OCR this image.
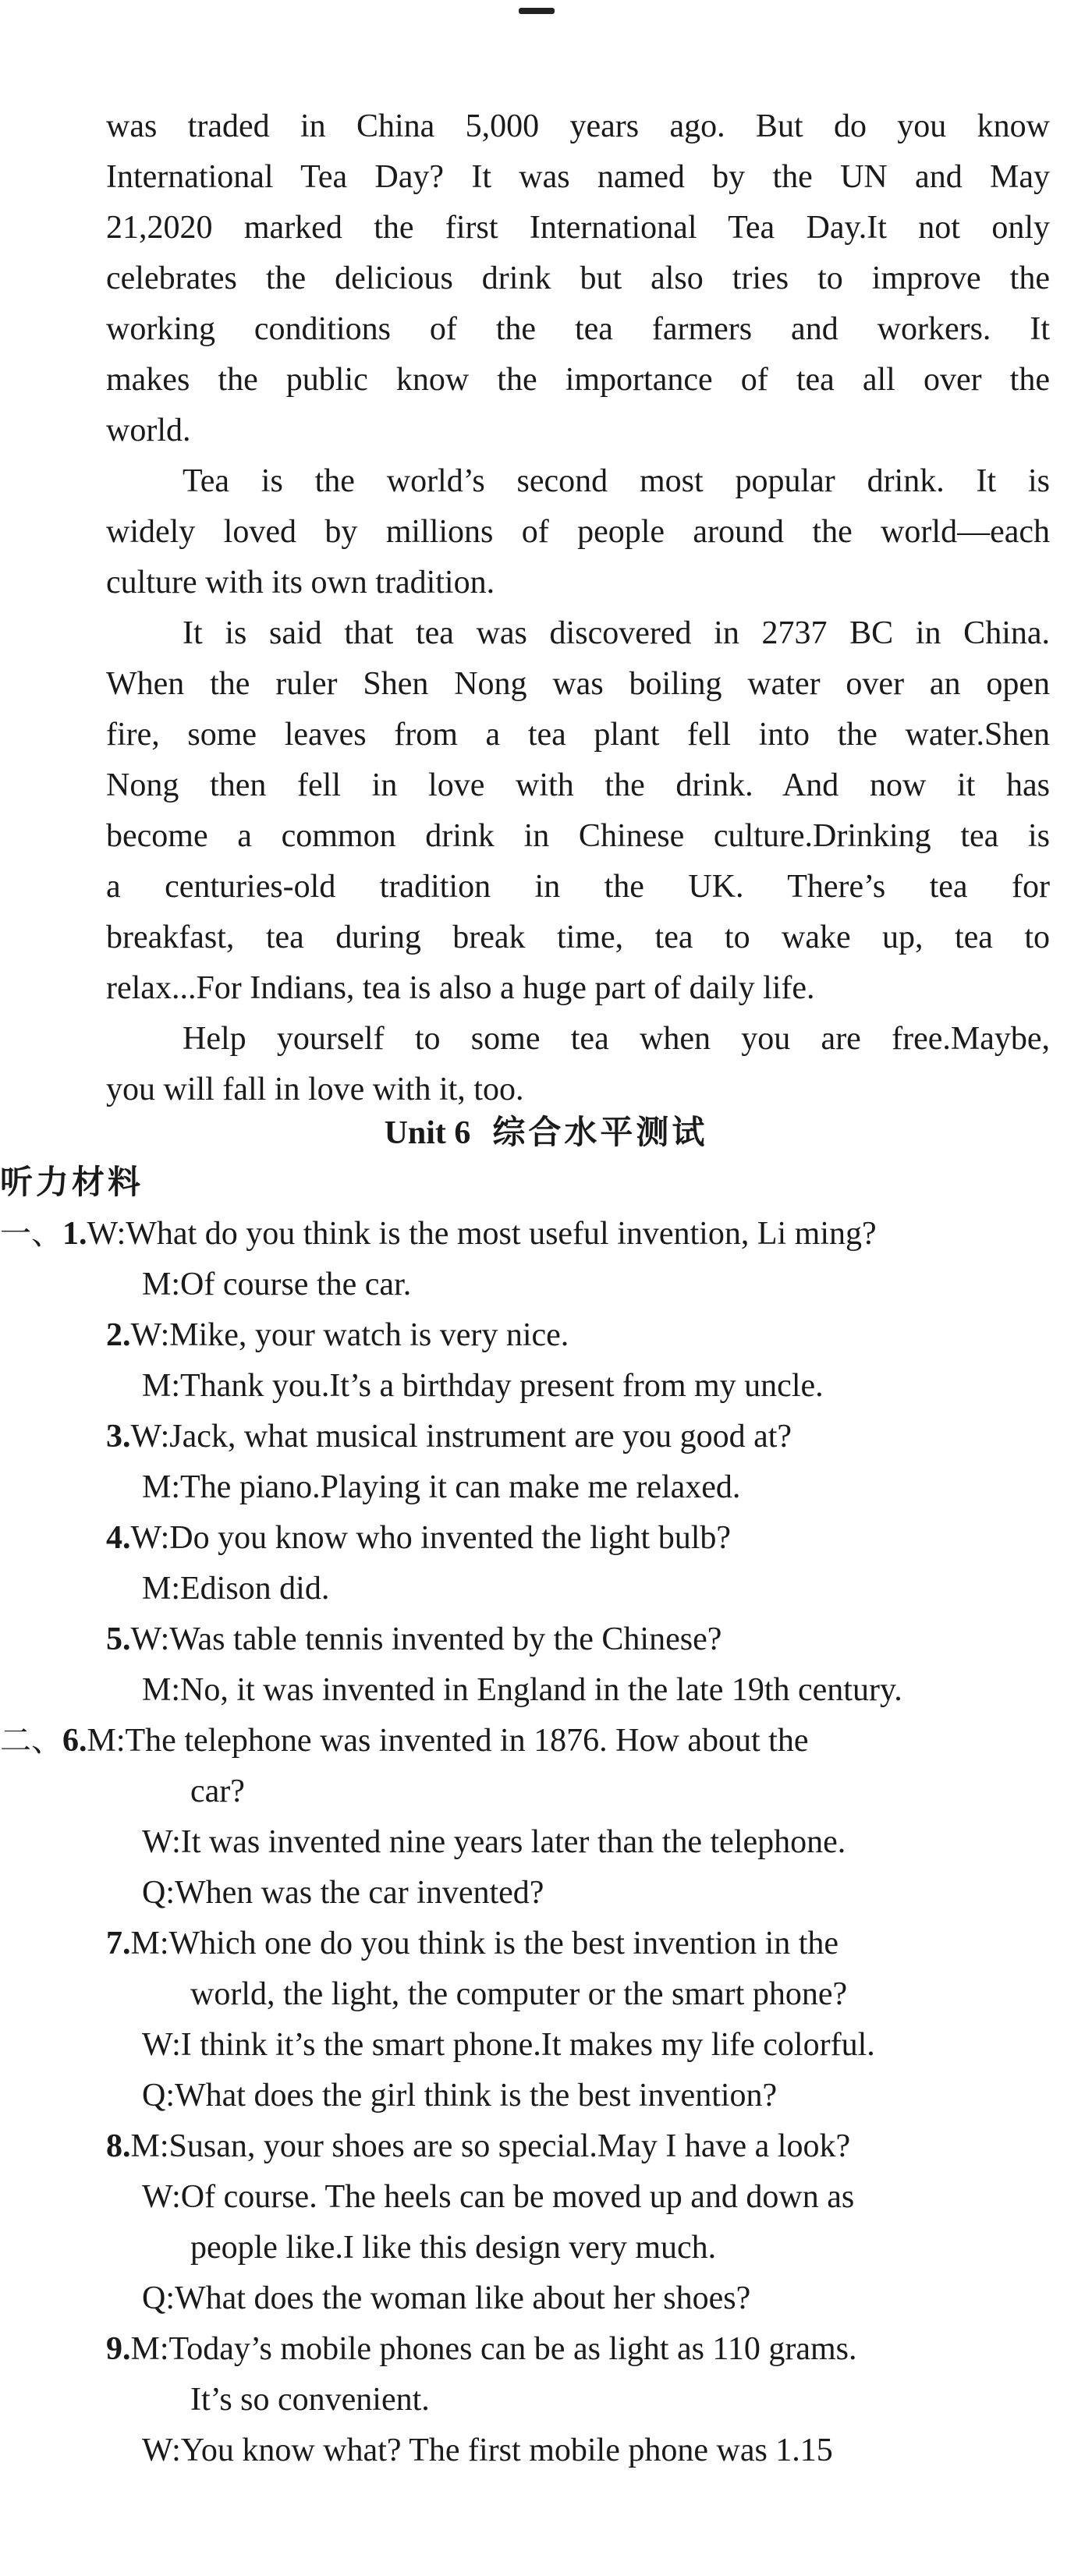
was traded in China 5,000 years ago. But do you know
International Tea Day? It was named by the UN and May
21,2020 marked the first International Tea Day.It not only
celebrates the delicious drink but also tries to improve the
working conditions of the tea farmers and workers. It
makes the public know the importance of tea all over the
world.
Tea is the world’s second most popular drink. It is
widely loved by millions of people around the world—each
culture with its own tradition.
It is said that tea was discovered in 2737 BC in China.
When the ruler Shen Nong was boiling water over an open
fire, some leaves from a tea plant fell into the water.Shen
Nong then fell in love with the drink. And now it has
become a common drink in Chinese culture.Drinking tea is
a centuries-old tradition in the UK. There’s tea for
breakfast, tea during break time, tea to wake up, tea to
relax...For Indians, tea is also a huge part of daily life.
Help yourself to some tea when you are free.Maybe,
you will fall in love with it, too.
Unit 6 综合水平测试
听力材料
一、1.W:What do you think is the most useful invention, Li ming?
M:Of course the car.
2.W:Mike, your watch is very nice.
M:Thank you.It’s a birthday present from my uncle.
3.W:Jack, what musical instrument are you good at?
M:The piano.Playing it can make me relaxed.
4.W:Do you know who invented the light bulb?
M:Edison did.
5.W:Was table tennis invented by the Chinese?
M:No, it was invented in England in the late 19th century.
二、6.M:The telephone was invented in 1876. How about the
car?
W:It was invented nine years later than the telephone.
Q:When was the car invented?
7.M:Which one do you think is the best invention in the
world, the light, the computer or the smart phone?
W:I think it’s the smart phone.It makes my life colorful.
Q:What does the girl think is the best invention?
8.M:Susan, your shoes are so special.May I have a look?
W:Of course. The heels can be moved up and down as
people like.I like this design very much.
Q:What does the woman like about her shoes?
9.M:Today’s mobile phones can be as light as 110 grams.
It’s so convenient.
W:You know what? The first mobile phone was 1.15
